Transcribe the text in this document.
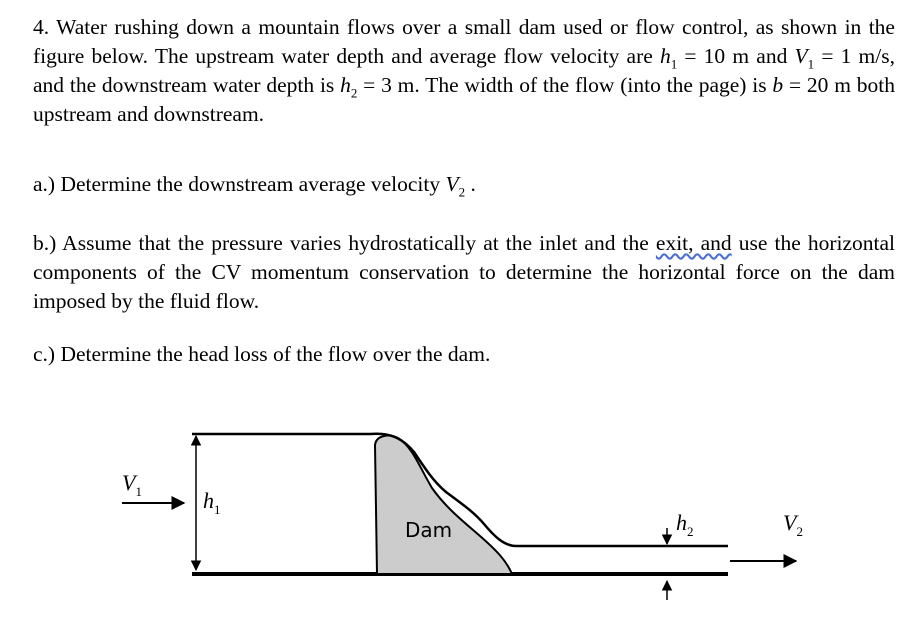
4. Water rushing down a mountain flows over a small dam used or flow control, as shown in the figure below. The upstream water depth and average flow velocity are $h_1 = 10$ m and $V_1 = 1$ m/s, and the downstream water depth is $h_2 = 3$ m. The width of the flow (into the page) is b = 20 m both upstream and downstream.
a.) Determine the downstream average velocity $V_2$ .
b.) Assume that the pressure varies hydrostatically at the inlet and the exit, and use the horizontal components of the CV momentum conservation to determine the horizontal force on the dam imposed by the fluid flow.
c.) Determine the head loss of the flow over the dam.
$V_1$	$h_1$
Dam	$h_2$	$V_2$
